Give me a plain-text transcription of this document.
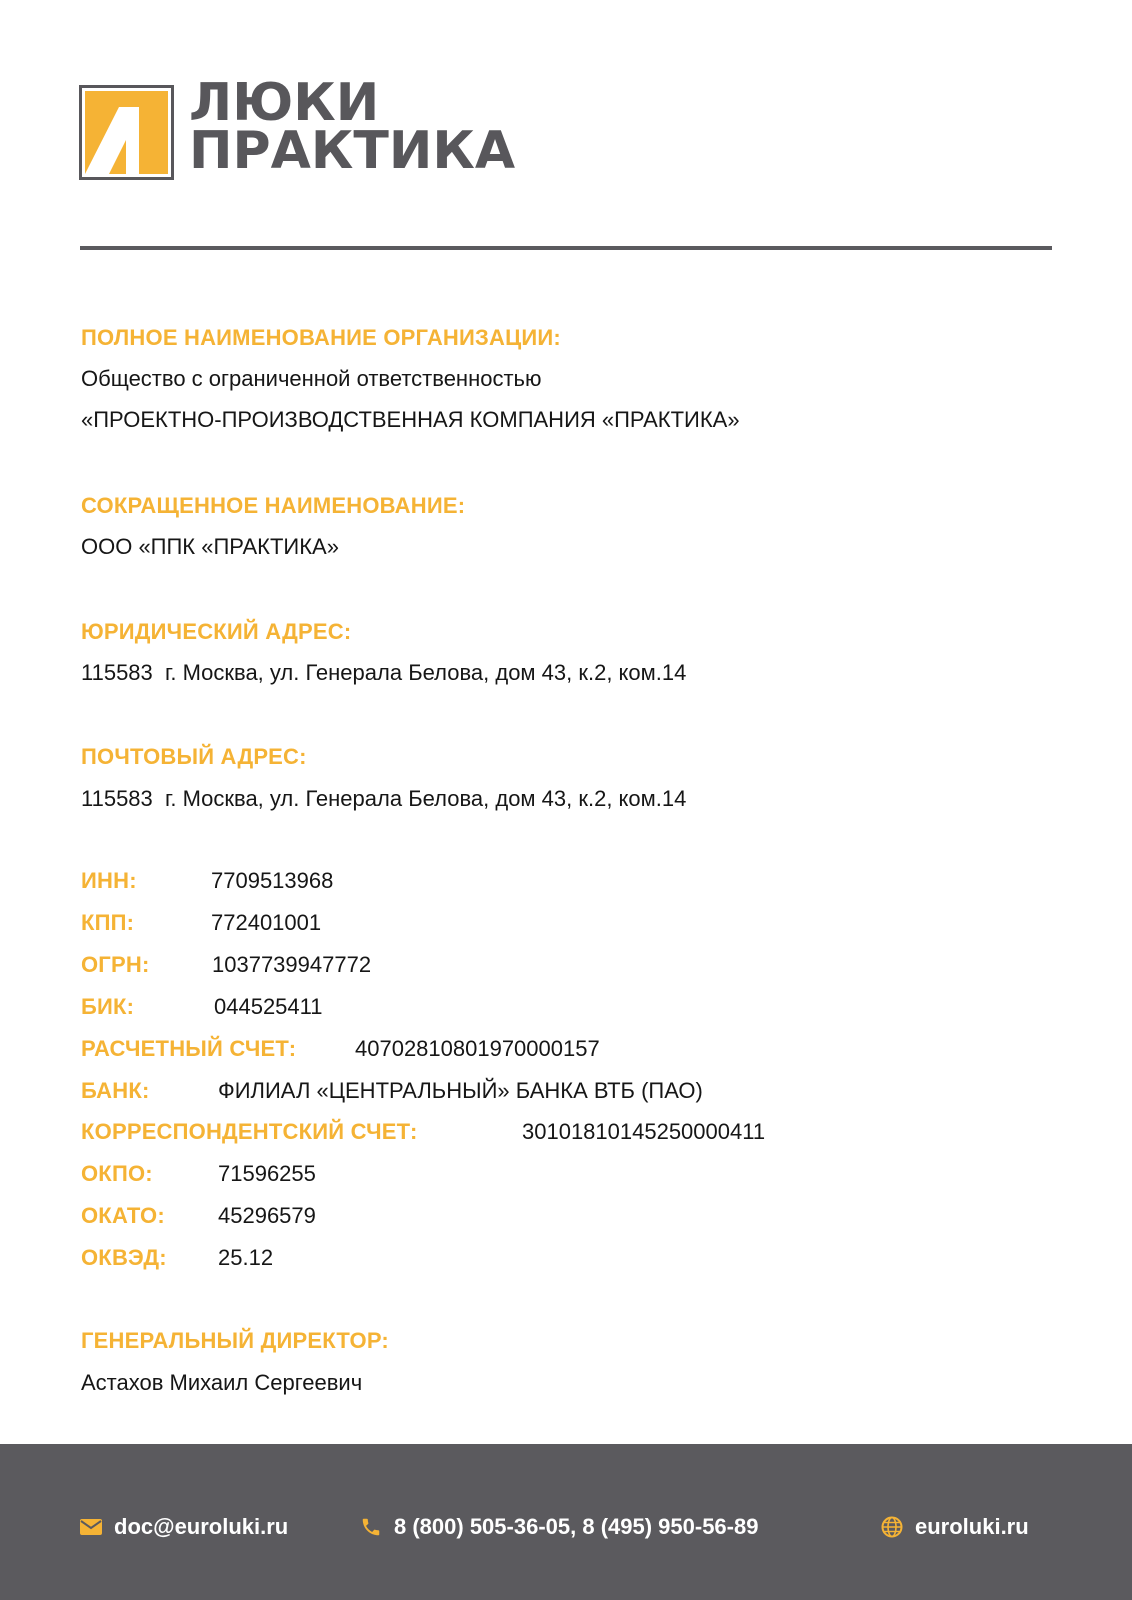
ЛЮКИ
ПРАКТИКА
ПОЛНОЕ НАИМЕНОВАНИЕ ОРГАНИЗАЦИИ:
Общество с ограниченной ответственностью
«ПРОЕКТНО-ПРОИЗВОДСТВЕННАЯ КОМПАНИЯ «ПРАКТИКА»
СОКРАЩЕННОЕ НАИМЕНОВАНИЕ:
ООО «ППК «ПРАКТИКА»
ЮРИДИЧЕСКИЙ АДРЕС:
115583  г. Москва, ул. Генерала Белова, дом 43, к.2, ком.14
ПОЧТОВЫЙ АДРЕС:
115583  г. Москва, ул. Генерала Белова, дом 43, к.2, ком.14
ИНН:	7709513968
КПП:	772401001
ОГРН:	1037739947772
БИК:	044525411
РАСЧЕТНЫЙ СЧЕТ:	40702810801970000157
БАНК:	ФИЛИАЛ «ЦЕНТРАЛЬНЫЙ» БАНКА ВТБ (ПАО)
КОРРЕСПОНДЕНТСКИЙ СЧЕТ:	30101810145250000411
ОКПО:	71596255
ОКАТО: 45296579
ОКВЭД: 25.12
ГЕНЕРАЛЬНЫЙ ДИРЕКТОР:
Астахов Михаил Сергеевич
doc@euroluki.ru	8 (800) 505-36-05, 8 (495) 950-56-89	euroluki.ru
